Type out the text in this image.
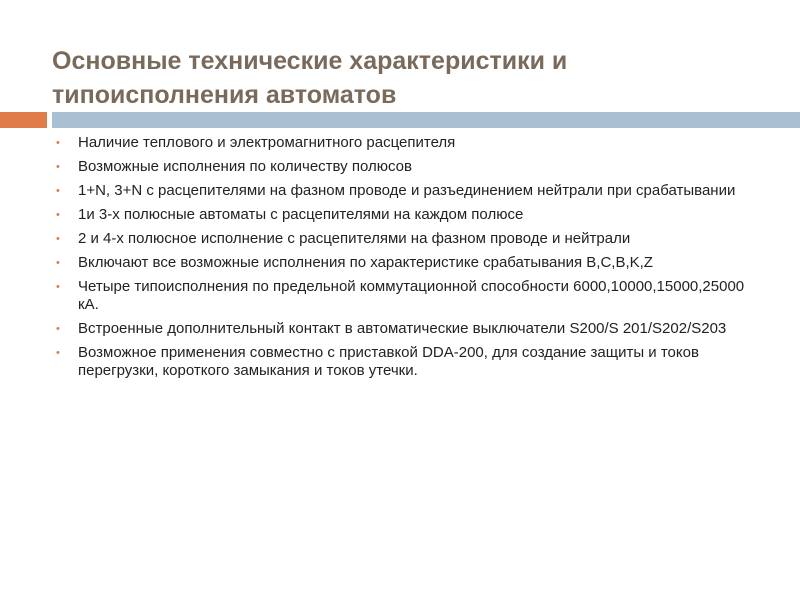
Основные технические характеристики и
типоисполнения автоматов
• Наличие теплового и электромагнитного расцепителя
• Возможные исполнения по количеству полюсов
• 1+N, 3+N с расцепителями на фазном проводе и разъединением нейтрали при срабатывании
• 1и 3-х полюсные автоматы с расцепителями на каждом полюсе
• 2 и 4-х полюсное исполнение с расцепителями на фазном проводе и нейтрали
• Включают все возможные исполнения по характеристике срабатывания В,С,В,K,Z
• Четыре типоисполнения по предельной коммутационной способности 6000,10000,15000,25000 кА.
• Встроенные дополнительный контакт в автоматические выключатели S200/S 201/S202/S203
• Возможное применения совместно с приставкой DDA-200, для создание защиты и токов перегрузки, короткого замыкания и токов утечки.
